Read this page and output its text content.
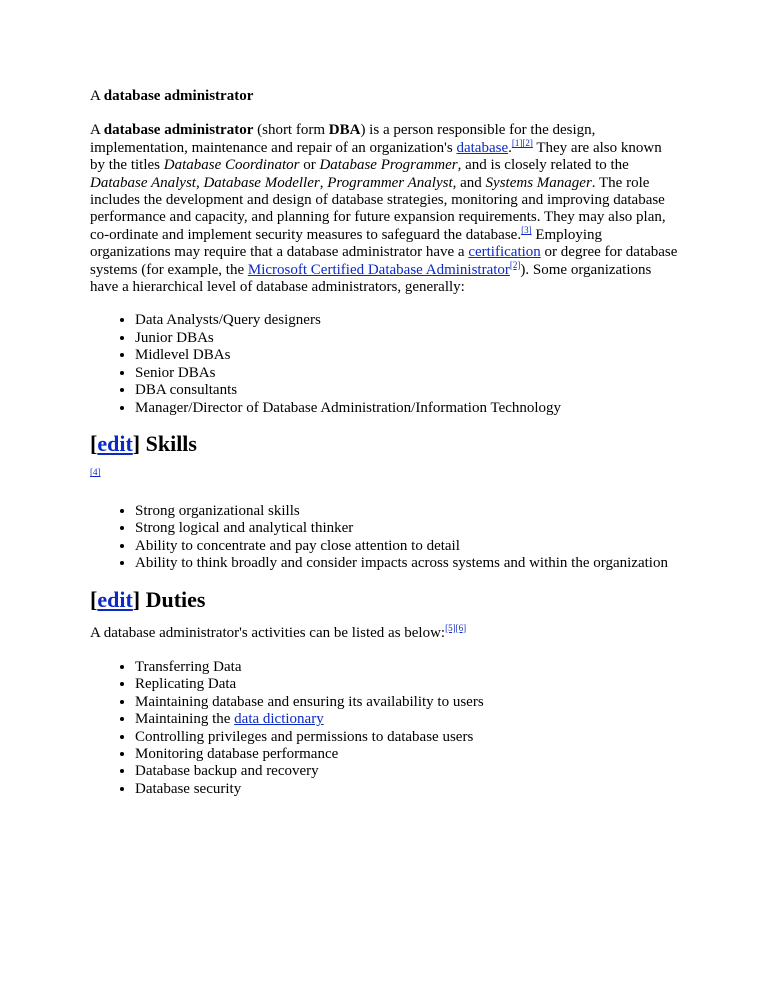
A database administrator

A database administrator (short form DBA) is a person responsible for the design, implementation, maintenance and repair of an organization's database.[1][2] They are also known by the titles Database Coordinator or Database Programmer, and is closely related to the Database Analyst, Database Modeller, Programmer Analyst, and Systems Manager. The role includes the development and design of database strategies, monitoring and improving database performance and capacity, and planning for future expansion requirements. They may also plan, co-ordinate and implement security measures to safeguard the database.[3] Employing organizations may require that a database administrator have a certification or degree for database systems (for example, the Microsoft Certified Database Administrator[2]). Some organizations have a hierarchical level of database administrators, generally:

• Data Analysts/Query designers
• Junior DBAs
• Midlevel DBAs
• Senior DBAs
• DBA consultants
• Manager/Director of Database Administration/Information Technology
[edit] Skills

[4]

• Strong organizational skills
• Strong logical and analytical thinker
• Ability to concentrate and pay close attention to detail
• Ability to think broadly and consider impacts across systems and within the organization
[edit] Duties

A database administrator's activities can be listed as below:[5][6]

• Transferring Data
• Replicating Data
• Maintaining database and ensuring its availability to users
• Maintaining the data dictionary
• Controlling privileges and permissions to database users
• Monitoring database performance
• Database backup and recovery
• Database security
